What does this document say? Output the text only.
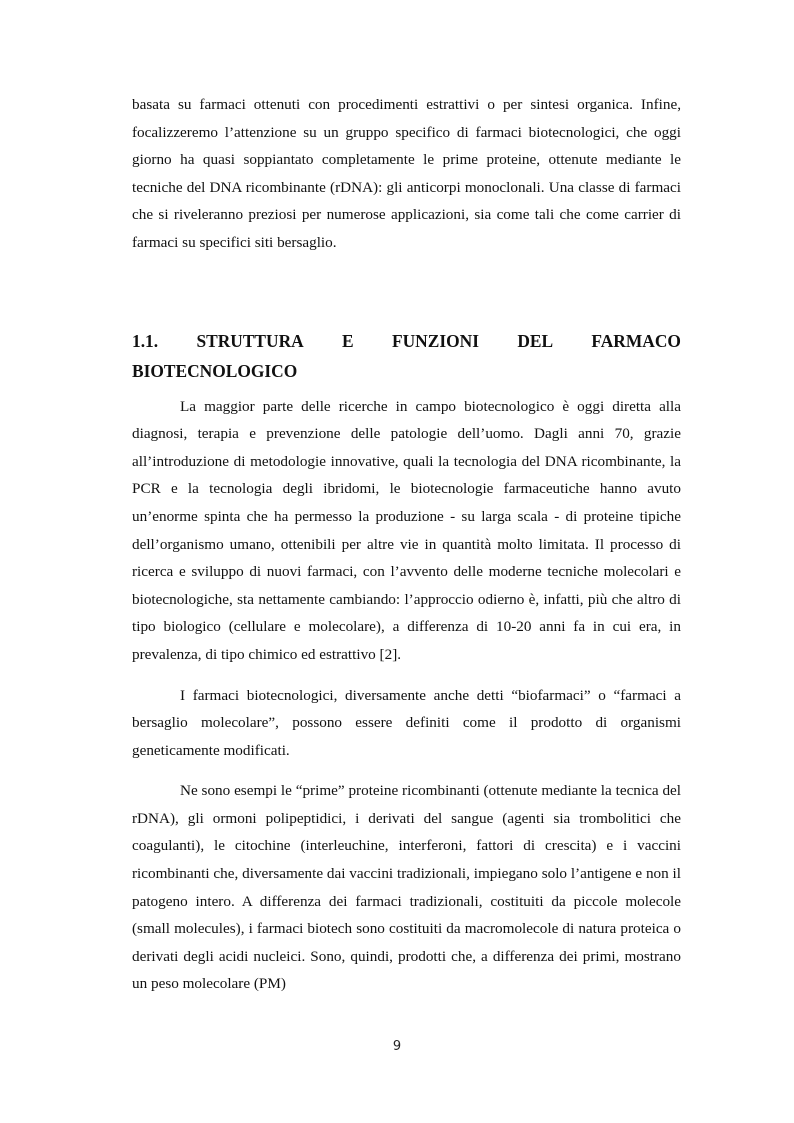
basata su farmaci ottenuti con procedimenti estrattivi o per sintesi organica. Infine, focalizzeremo l’attenzione su un gruppo specifico di farmaci biotecnologici, che oggi giorno ha quasi soppiantato completamente le prime proteine, ottenute mediante le tecniche del DNA ricombinante (rDNA): gli anticorpi monoclonali. Una classe di farmaci che si riveleranno preziosi per numerose applicazioni, sia come tali che come carrier di farmaci su specifici siti bersaglio.

1.1. STRUTTURA E FUNZIONI DEL FARMACO
BIOTECNOLOGICO

La maggior parte delle ricerche in campo biotecnologico è oggi diretta alla diagnosi, terapia e prevenzione delle patologie dell’uomo. Dagli anni 70, grazie all’introduzione di metodologie innovative, quali la tecnologia del DNA ricombinante, la PCR e la tecnologia degli ibridomi, le biotecnologie farmaceutiche hanno avuto un’enorme spinta che ha permesso la produzione - su larga scala - di proteine tipiche dell’organismo umano, ottenibili per altre vie in quantità molto limitata. Il processo di ricerca e sviluppo di nuovi farmaci, con l’avvento delle moderne tecniche molecolari e biotecnologiche, sta nettamente cambiando: l’approccio odierno è, infatti, più che altro di tipo biologico (cellulare e molecolare), a differenza di 10-20 anni fa in cui era, in prevalenza, di tipo chimico ed estrattivo [2].

I farmaci biotecnologici, diversamente anche detti “biofarmaci” o “farmaci a bersaglio molecolare”, possono essere definiti come il prodotto di organismi geneticamente modificati.

Ne sono esempi le “prime” proteine ricombinanti (ottenute mediante la tecnica del rDNA), gli ormoni polipeptidici, i derivati del sangue (agenti sia trombolitici che coagulanti), le citochine (interleuchine, interferoni, fattori di crescita) e i vaccini ricombinanti che, diversamente dai vaccini tradizionali, impiegano solo l’antigene e non il patogeno intero. A differenza dei farmaci tradizionali, costituiti da piccole molecole (small molecules), i farmaci biotech sono costituiti da macromolecole di natura proteica o derivati degli acidi nucleici. Sono, quindi, prodotti che, a differenza dei primi, mostrano un peso molecolare (PM)

9
